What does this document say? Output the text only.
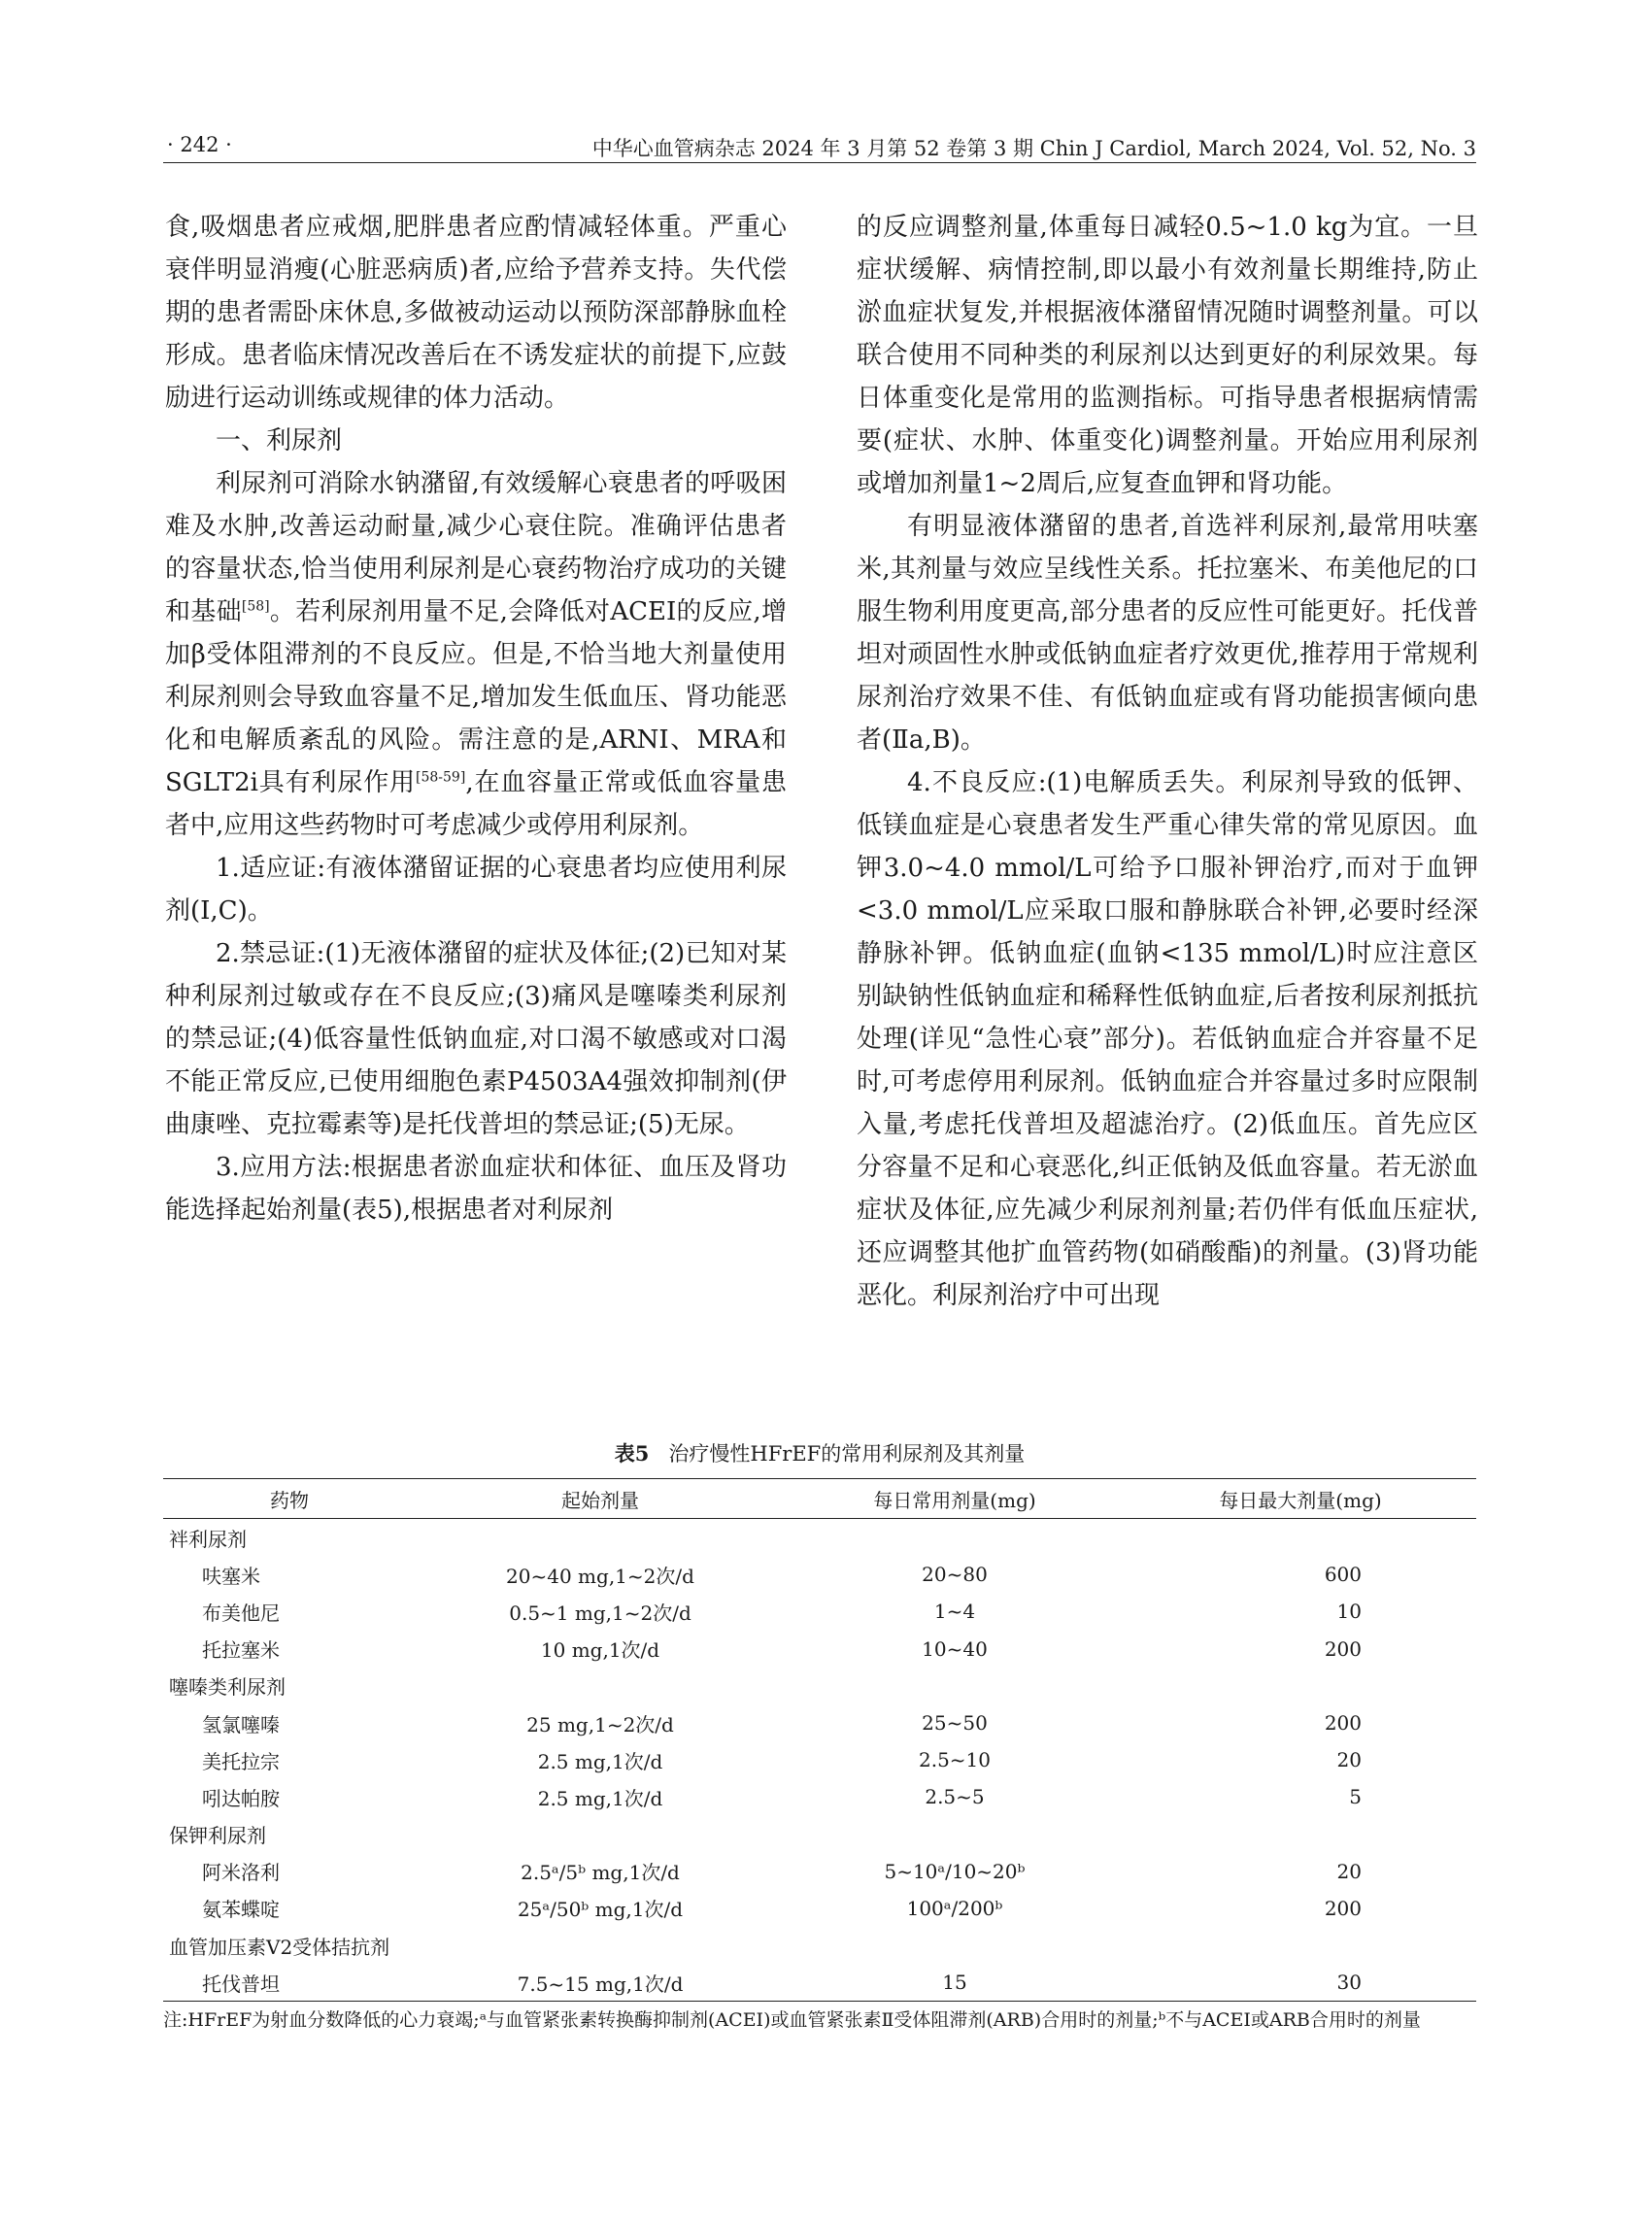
· 242 ·	中华心血管病杂志 2024 年 3 月第 52 卷第 3 期 Chin J Cardiol, March 2024, Vol. 52, No. 3

食,吸烟患者应戒烟,肥胖患者应酌情减轻体重。严重心衰伴明显消瘦(心脏恶病质)者,应给予营养支持。失代偿期的患者需卧床休息,多做被动运动以预防深部静脉血栓形成。患者临床情况改善后在不诱发症状的前提下,应鼓励进行运动训练或规律的体力活动。

一、利尿剂

利尿剂可消除水钠潴留,有效缓解心衰患者的呼吸困难及水肿,改善运动耐量,减少心衰住院。准确评估患者的容量状态,恰当使用利尿剂是心衰药物治疗成功的关键和基础[58]。若利尿剂用量不足,会降低对ACEI的反应,增加β受体阻滞剂的不良反应。但是,不恰当地大剂量使用利尿剂则会导致血容量不足,增加发生低血压、肾功能恶化和电解质紊乱的风险。需注意的是,ARNI、MRA和SGLT2i具有利尿作用[58-59],在血容量正常或低血容量患者中,应用这些药物时可考虑减少或停用利尿剂。

1.适应证:有液体潴留证据的心衰患者均应使用利尿剂(Ⅰ,C)。

2.禁忌证:(1)无液体潴留的症状及体征;(2)已知对某种利尿剂过敏或存在不良反应;(3)痛风是噻嗪类利尿剂的禁忌证;(4)低容量性低钠血症,对口渴不敏感或对口渴不能正常反应,已使用细胞色素P4503A4强效抑制剂(伊曲康唑、克拉霉素等)是托伐普坦的禁忌证;(5)无尿。

3.应用方法:根据患者淤血症状和体征、血压及肾功能选择起始剂量(表5),根据患者对利尿剂

的反应调整剂量,体重每日减轻0.5~1.0 kg为宜。一旦症状缓解、病情控制,即以最小有效剂量长期维持,防止淤血症状复发,并根据液体潴留情况随时调整剂量。可以联合使用不同种类的利尿剂以达到更好的利尿效果。每日体重变化是常用的监测指标。可指导患者根据病情需要(症状、水肿、体重变化)调整剂量。开始应用利尿剂或增加剂量1~2周后,应复查血钾和肾功能。

有明显液体潴留的患者,首选袢利尿剂,最常用呋塞米,其剂量与效应呈线性关系。托拉塞米、布美他尼的口服生物利用度更高,部分患者的反应性可能更好。托伐普坦对顽固性水肿或低钠血症者疗效更优,推荐用于常规利尿剂治疗效果不佳、有低钠血症或有肾功能损害倾向患者(Ⅱa,B)。

4.不良反应:(1)电解质丢失。利尿剂导致的低钾、低镁血症是心衰患者发生严重心律失常的常见原因。血钾3.0~4.0 mmol/L可给予口服补钾治疗,而对于血钾<3.0 mmol/L应采取口服和静脉联合补钾,必要时经深静脉补钾。低钠血症(血钠<135 mmol/L)时应注意区别缺钠性低钠血症和稀释性低钠血症,后者按利尿剂抵抗处理(详见“急性心衰”部分)。若低钠血症合并容量不足时,可考虑停用利尿剂。低钠血症合并容量过多时应限制入量,考虑托伐普坦及超滤治疗。(2)低血压。首先应区分容量不足和心衰恶化,纠正低钠及低血容量。若无淤血症状及体征,应先减少利尿剂剂量;若仍伴有低血压症状,还应调整其他扩血管药物(如硝酸酯)的剂量。(3)肾功能恶化。利尿剂治疗中可出现

表5 治疗慢性HFrEF的常用利尿剂及其剂量
药物	起始剂量	每日常用剂量(mg)	每日最大剂量(mg)
袢利尿剂			
呋塞米	20~40 mg,1~2次/d	20~80	600
布美他尼	0.5~1 mg,1~2次/d	1~4	10
托拉塞米	10 mg,1次/d	10~40	200
噻嗪类利尿剂			
氢氯噻嗪	25 mg,1~2次/d	25~50	200
美托拉宗	2.5 mg,1次/d	2.5~10	20
吲达帕胺	2.5 mg,1次/d	2.5~5	5
保钾利尿剂			
阿米洛利	2.5ᵃ/5ᵇ mg,1次/d	5~10ᵃ/10~20ᵇ	20
氨苯蝶啶	25ᵃ/50ᵇ mg,1次/d	100ᵃ/200ᵇ	200
血管加压素V2受体拮抗剂			
托伐普坦	7.5~15 mg,1次/d	15	30
注:HFrEF为射血分数降低的心力衰竭;ᵃ与血管紧张素转换酶抑制剂(ACEI)或血管紧张素Ⅱ受体阻滞剂(ARB)合用时的剂量;ᵇ不与ACEI或ARB合用时的剂量
